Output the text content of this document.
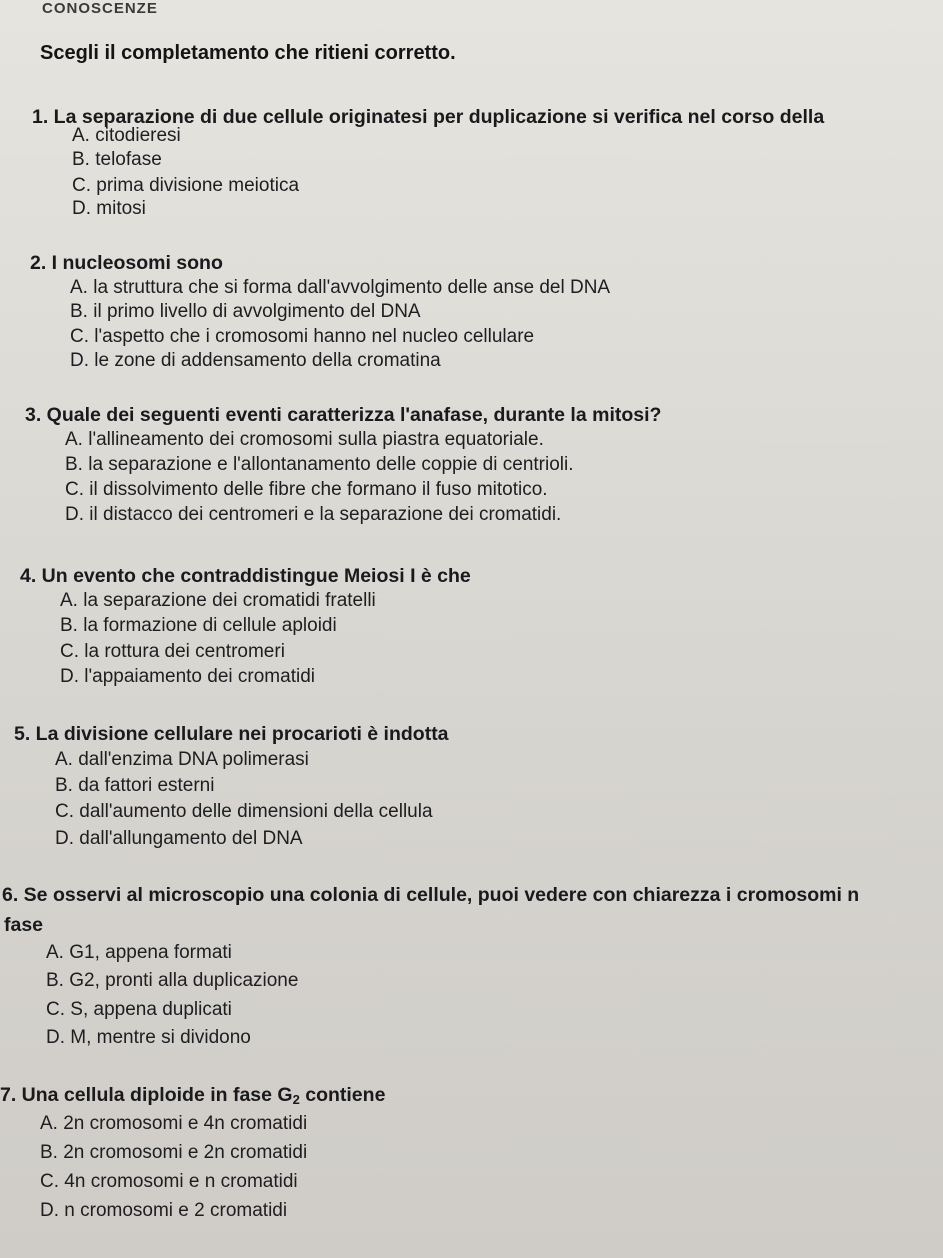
CONOSCENZE
Scegli il completamento che ritieni corretto.
1. La separazione di due cellule originatesi per duplicazione si verifica nel corso della
A. citodieresi
B. telofase
C. prima divisione meiotica
D. mitosi
2. I nucleosomi sono
A. la struttura che si forma dall'avvolgimento delle anse del DNA
B. il primo livello di avvolgimento del DNA
C. l'aspetto che i cromosomi hanno nel nucleo cellulare
D. le zone di addensamento della cromatina
3. Quale dei seguenti eventi caratterizza l'anafase, durante la mitosi?
A. l'allineamento dei cromosomi sulla piastra equatoriale.
B. la separazione e l'allontanamento delle coppie di centrioli.
C. il dissolvimento delle fibre che formano il fuso mitotico.
D. il distacco dei centromeri e la separazione dei cromatidi.
4. Un evento che contraddistingue Meiosi I è che
A. la separazione dei cromatidi fratelli
B. la formazione di cellule aploidi
C. la rottura dei centromeri
D. l'appaiamento dei cromatidi
5. La divisione cellulare nei procarioti è indotta
A. dall'enzima DNA polimerasi
B. da fattori esterni
C. dall'aumento delle dimensioni della cellula
D. dall'allungamento del DNA
6. Se osservi al microscopio una colonia di cellule, puoi vedere con chiarezza i cromosomi n
fase
A. G1, appena formati
B. G2, pronti alla duplicazione
C. S, appena duplicati
D. M, mentre si dividono
7. Una cellula diploide in fase $G_2$ contiene
A. 2n cromosomi e 4n cromatidi
B. 2n cromosomi e 2n cromatidi
C. 4n cromosomi e n cromatidi
D. n cromosomi e 2 cromatidi
